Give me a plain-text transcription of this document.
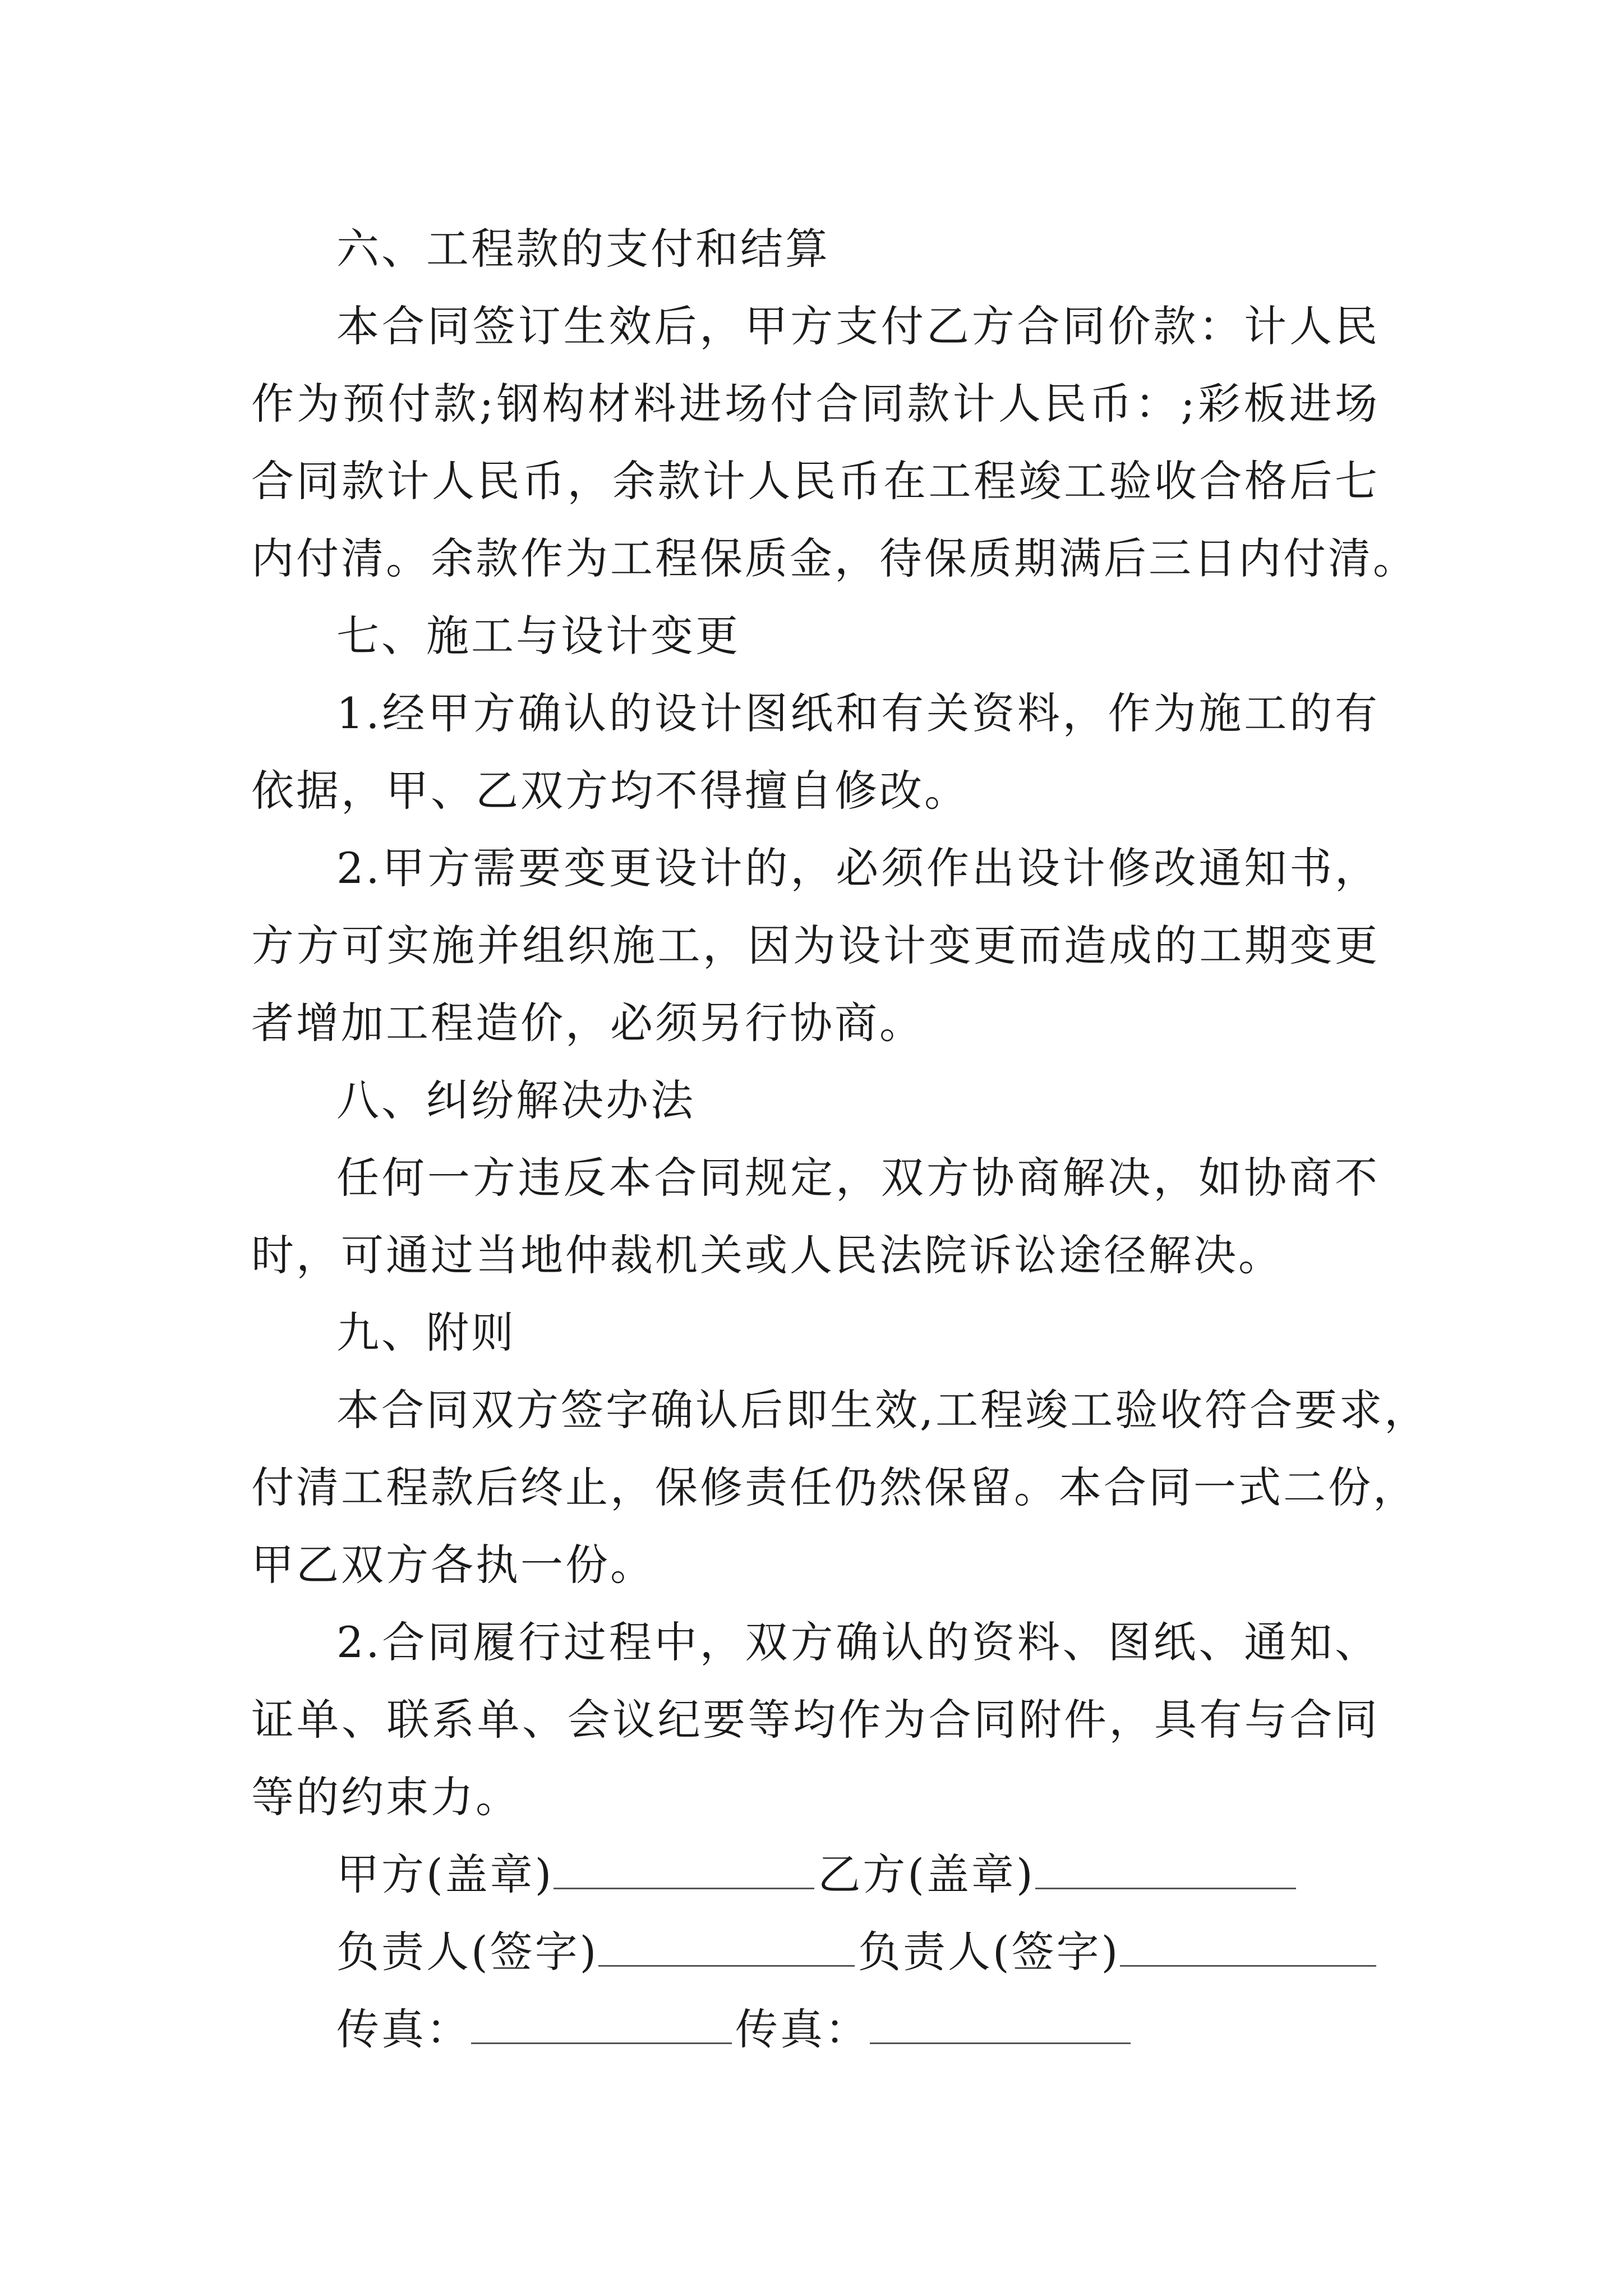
六、工程款的支付和结算
本合同签订生效后，甲方支付乙方合同价款：计人民
作为预付款;钢构材料进场付合同款计人民币：;彩板进场
合同款计人民币，余款计人民币在工程竣工验收合格后七
内付清。余款作为工程保质金，待保质期满后三日内付清。
七、施工与设计变更
1.经甲方确认的设计图纸和有关资料，作为施工的有
依据，甲、乙双方均不得擅自修改。
2.甲方需要变更设计的，必须作出设计修改通知书，
方方可实施并组织施工，因为设计变更而造成的工期变更
者增加工程造价，必须另行协商。
八、纠纷解决办法
任何一方违反本合同规定，双方协商解决，如协商不
时，可通过当地仲裁机关或人民法院诉讼途径解决。
九、附则
本合同双方签字确认后即生效,工程竣工验收符合要求，
付清工程款后终止，保修责任仍然保留。本合同一式二份，
甲乙双方各执一份。
2.合同履行过程中，双方确认的资料、图纸、通知、
证单、联系单、会议纪要等均作为合同附件，具有与合同
等的约束力。
甲方(盖章)	乙方(盖章)
负责人(签字)	负责人(签字)
传真：	传真：
